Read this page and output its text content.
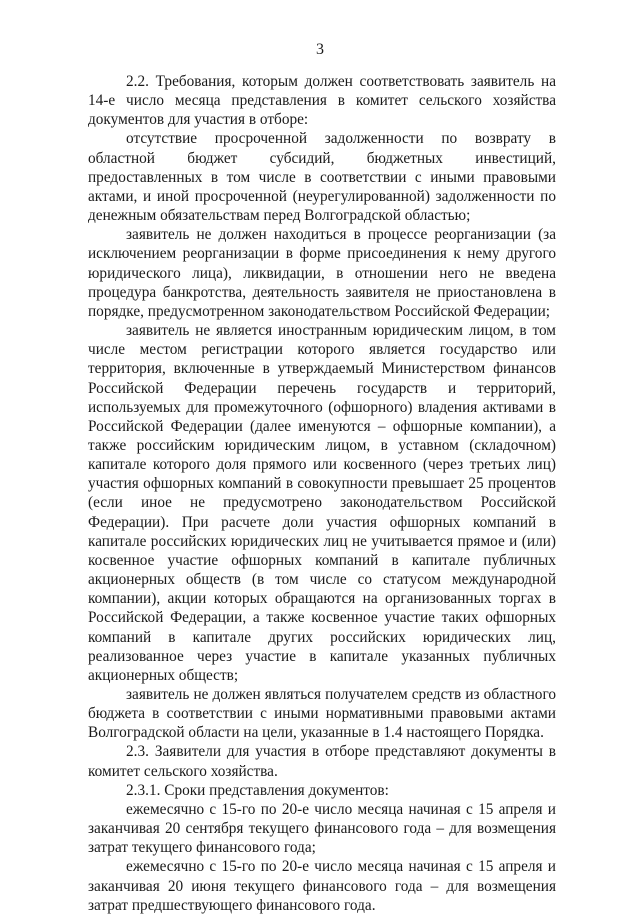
3

2.2. Требования, которым должен соответствовать заявитель на 14-е число месяца представления в комитет сельского хозяйства документов для участия в отборе:

отсутствие просроченной задолженности по возврату в областной бюджет субсидий, бюджетных инвестиций, предоставленных в том числе в соответствии с иными правовыми актами, и иной просроченной (неурегулированной) задолженности по денежным обязательствам перед Волгоградской областью;

заявитель не должен находиться в процессе реорганизации (за исключением реорганизации в форме присоединения к нему другого юридического лица), ликвидации, в отношении него не введена процедура банкротства, деятельность заявителя не приостановлена в порядке, предусмотренном законодательством Российской Федерации;

заявитель не является иностранным юридическим лицом, в том числе местом регистрации которого является государство или территория, включенные в утверждаемый Министерством финансов Российской Федерации перечень государств и территорий, используемых для промежуточного (офшорного) владения активами в Российской Федерации (далее именуются – офшорные компании), а также российским юридическим лицом, в уставном (складочном) капитале которого доля прямого или косвенного (через третьих лиц) участия офшорных компаний в совокупности превышает 25 процентов (если иное не предусмотрено законодательством Российской Федерации). При расчете доли участия офшорных компаний в капитале российских юридических лиц не учитывается прямое и (или) косвенное участие офшорных компаний в капитале публичных акционерных обществ (в том числе со статусом международной компании), акции которых обращаются на организованных торгах в Российской Федерации, а также косвенное участие таких офшорных компаний в капитале других российских юридических лиц, реализованное через участие в капитале указанных публичных акционерных обществ;

заявитель не должен являться получателем средств из областного бюджета в соответствии с иными нормативными правовыми актами Волгоградской области на цели, указанные в 1.4 настоящего Порядка.

2.3. Заявители для участия в отборе представляют документы в комитет сельского хозяйства.

2.3.1. Сроки представления документов:

ежемесячно с 15-го по 20-е число месяца начиная с 15 апреля и заканчивая 20 сентября текущего финансового года – для возмещения затрат текущего финансового года;

ежемесячно с 15-го по 20-е число месяца начиная с 15 апреля и заканчивая 20 июня текущего финансового года – для возмещения затрат предшествующего финансового года.
